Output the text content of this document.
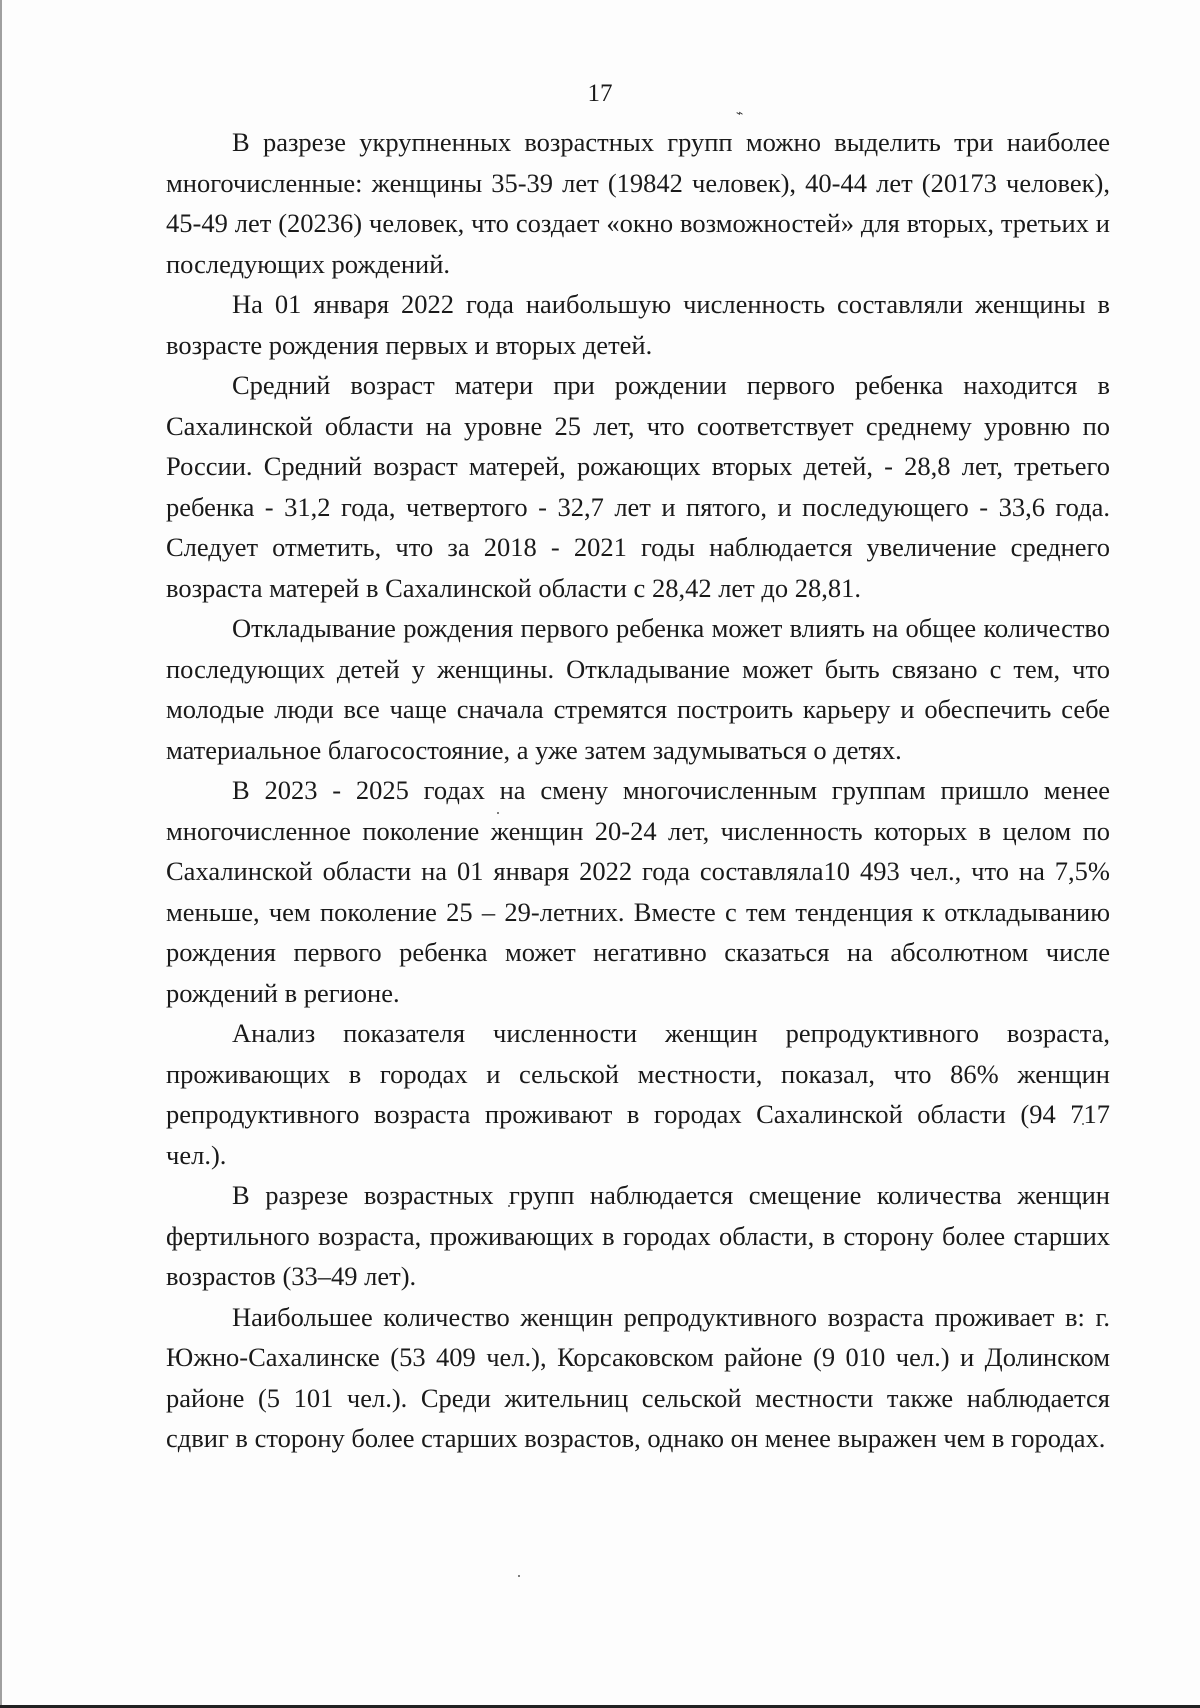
17
⌁

В разрезе укрупненных возрастных групп можно выделить три наиболее многочисленные: женщины 35-39 лет (19842 человек), 40-44 лет (20173 человек), 45-49 лет (20236) человек, что создает «окно возможностей» для вторых, третьих и последующих рождений.

На 01 января 2022 года наибольшую численность составляли женщины в возрасте рождения первых и вторых детей.

Средний возраст матери при рождении первого ребенка находится в Сахалинской области на уровне 25 лет, что соответствует среднему уровню по России. Средний возраст матерей, рожающих вторых детей, - 28,8 лет, третьего ребенка - 31,2 года, четвертого - 32,7 лет и пятого, и последующего - 33,6 года. Следует отметить, что за 2018 - 2021 годы наблюдается увеличение среднего возраста матерей в Сахалинской области с 28,42 лет до 28,81.

Откладывание рождения первого ребенка может влиять на общее количество последующих детей у женщины. Откладывание может быть связано с тем, что молодые люди все чаще сначала стремятся построить карьеру и обеспечить себе материальное благосостояние, а уже затем задумываться о детях.

В 2023 - 2025 годах на смену многочисленным группам пришло менее многочисленное поколение женщин 20-24 лет, численность которых в целом по Сахалинской области на 01 января 2022 года составляла10 493 чел., что на 7,5% меньше, чем поколение 25 – 29-летних. Вместе с тем тенденция к откладыванию рождения первого ребенка может негативно сказаться на абсолютном числе рождений в регионе.

Анализ показателя численности женщин репродуктивного возраста, проживающих в городах и сельской местности, показал, что 86% женщин репродуктивного возраста проживают в городах Сахалинской области (94 717 чел.).

В разрезе возрастных групп наблюдается смещение количества женщин фертильного возраста, проживающих в городах области, в сторону более старших возрастов (33–49 лет).

Наибольшее количество женщин репродуктивного возраста проживает в: г. Южно-Сахалинске (53 409 чел.), Корсаковском районе (9 010 чел.) и Долинском районе (5 101 чел.). Среди жительниц сельской местности также наблюдается сдвиг в сторону более старших возрастов, однако он менее выражен чем в городах.
